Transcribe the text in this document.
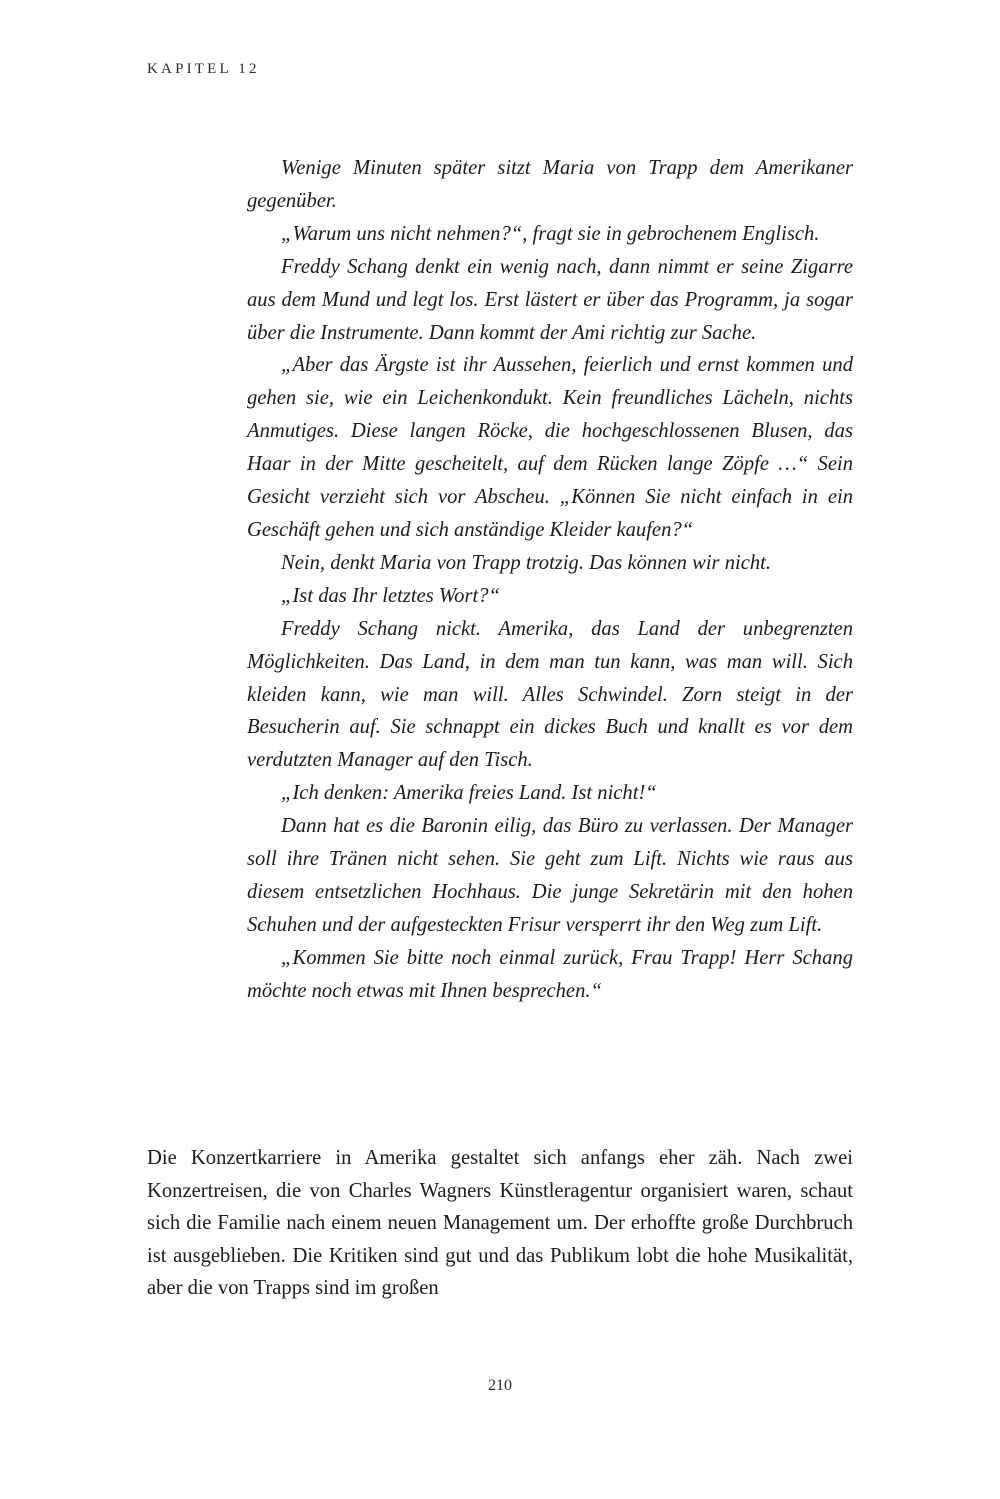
KAPITEL 12

Wenige Minuten später sitzt Maria von Trapp dem Amerikaner gegenüber.

„Warum uns nicht nehmen?“, fragt sie in gebrochenem Englisch.

Freddy Schang denkt ein wenig nach, dann nimmt er seine Zigarre aus dem Mund und legt los. Erst lästert er über das Programm, ja sogar über die Instrumente. Dann kommt der Ami richtig zur Sache.

„Aber das Ärgste ist ihr Aussehen, feierlich und ernst kommen und gehen sie, wie ein Leichenkondukt. Kein freundliches Lächeln, nichts Anmutiges. Diese langen Röcke, die hochgeschlossenen Blusen, das Haar in der Mitte gescheitelt, auf dem Rücken lange Zöpfe …“ Sein Gesicht verzieht sich vor Abscheu. „Können Sie nicht einfach in ein Geschäft gehen und sich anständige Kleider kaufen?“

Nein, denkt Maria von Trapp trotzig. Das können wir nicht.

„Ist das Ihr letztes Wort?“

Freddy Schang nickt. Amerika, das Land der unbegrenzten Möglichkeiten. Das Land, in dem man tun kann, was man will. Sich kleiden kann, wie man will. Alles Schwindel. Zorn steigt in der Besucherin auf. Sie schnappt ein dickes Buch und knallt es vor dem verdutzten Manager auf den Tisch.

„Ich denken: Amerika freies Land. Ist nicht!“

Dann hat es die Baronin eilig, das Büro zu verlassen. Der Manager soll ihre Tränen nicht sehen. Sie geht zum Lift. Nichts wie raus aus diesem entsetzlichen Hochhaus. Die junge Sekretärin mit den hohen Schuhen und der aufgesteckten Frisur versperrt ihr den Weg zum Lift.

„Kommen Sie bitte noch einmal zurück, Frau Trapp! Herr Schang möchte noch etwas mit Ihnen besprechen.“

Die Konzertkarriere in Amerika gestaltet sich anfangs eher zäh. Nach zwei Konzertreisen, die von Charles Wagners Künstleragentur organisiert waren, schaut sich die Familie nach einem neuen Management um. Der erhoffte große Durchbruch ist ausgeblieben. Die Kritiken sind gut und das Publikum lobt die hohe Musikalität, aber die von Trapps sind im großen

210
